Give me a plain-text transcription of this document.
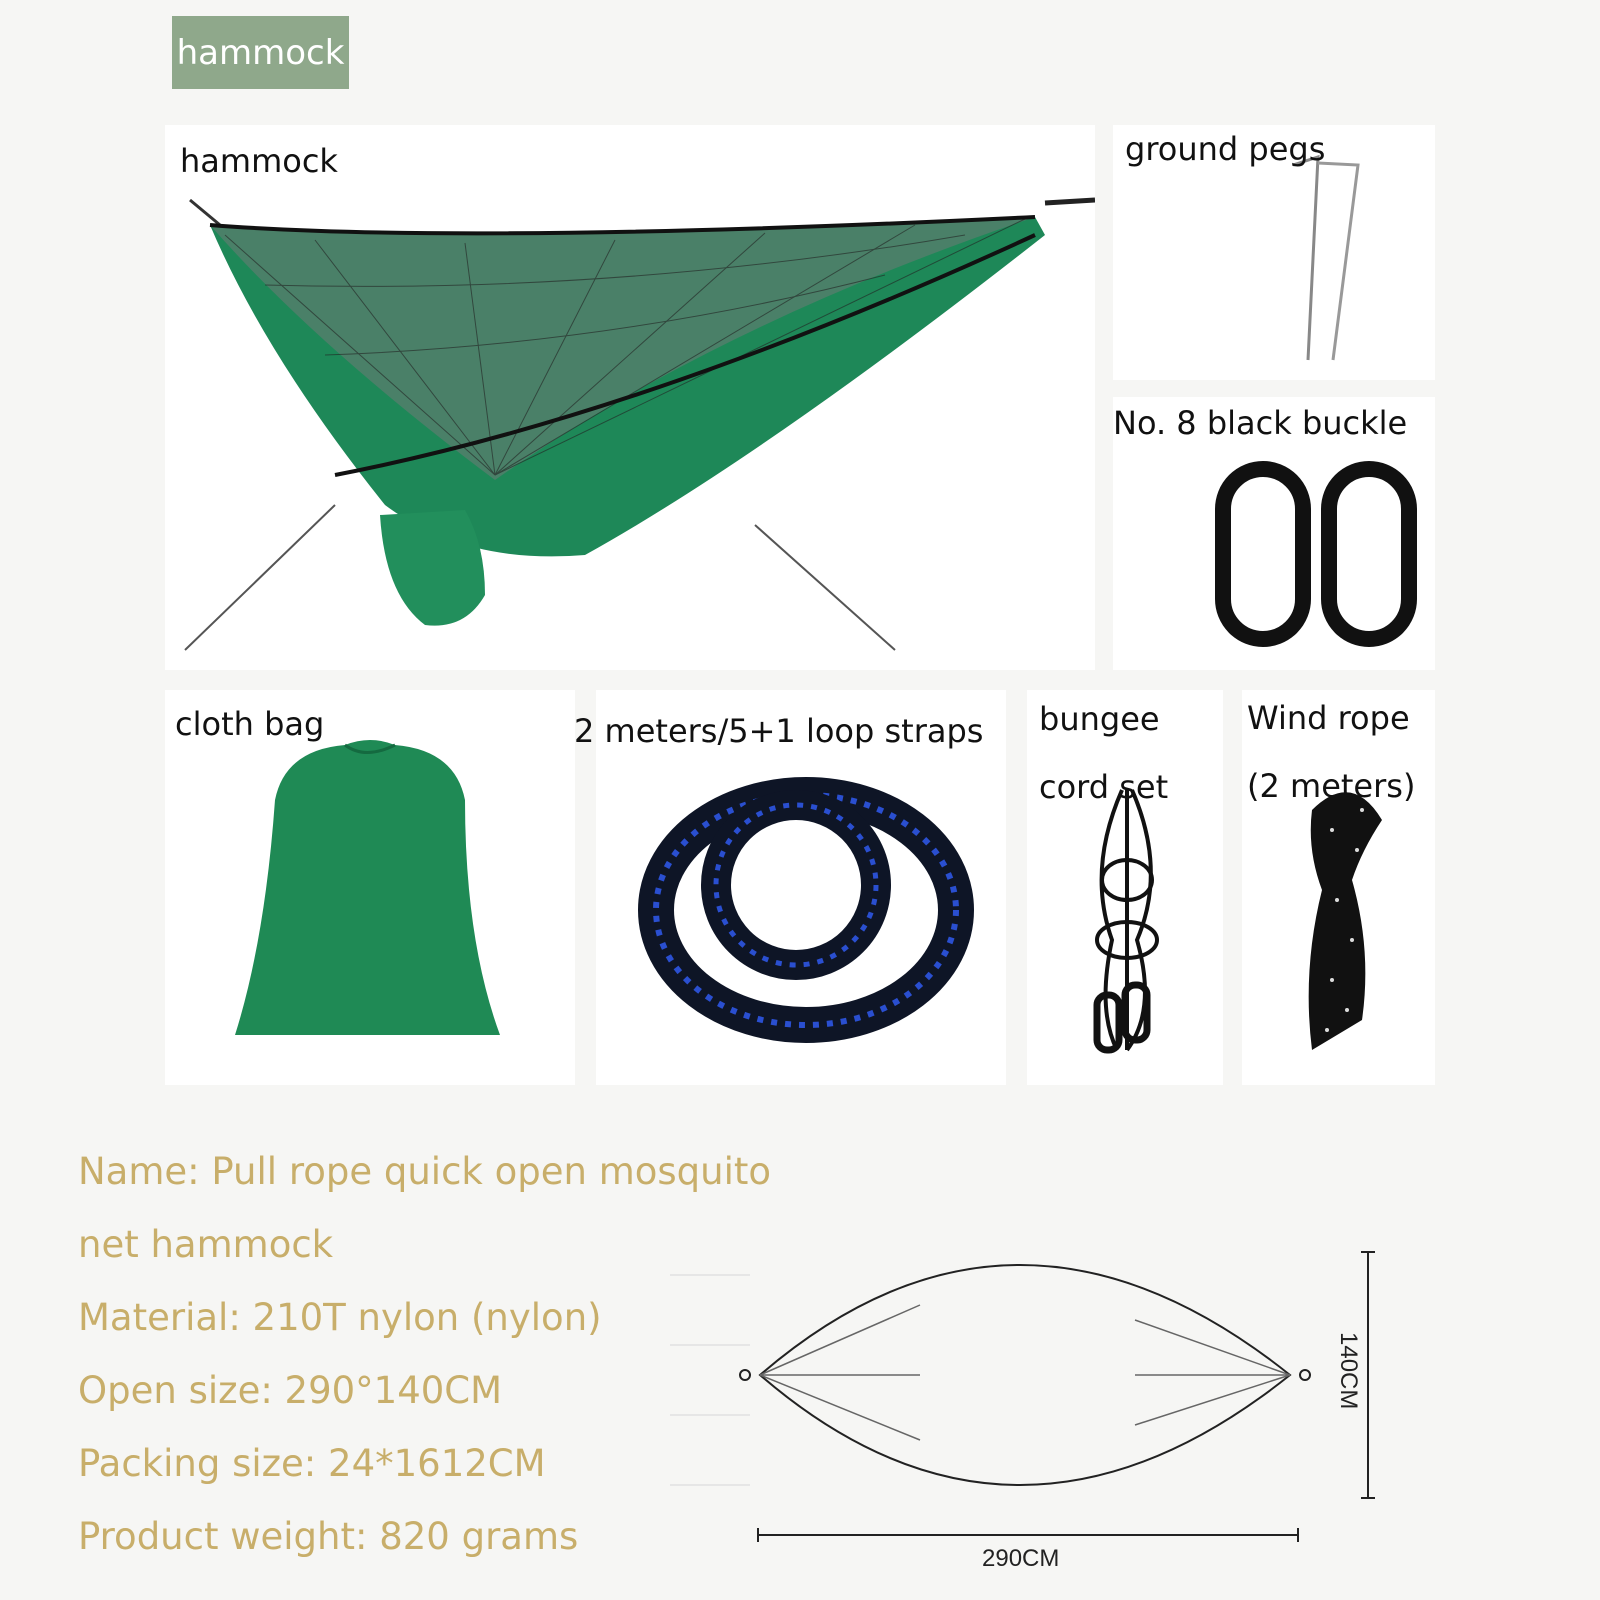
hammock
hammock	ground pegs
No. 8 black buckle
cloth bag	2 meters/5+1 loop straps bungee cord set
Wind rope (2 meters)
Name: Pull rope quick open mosquito
net hammock
Material: 210T nylon (nylon)
Open size: 290°140CM
Packing size: 24*1612CM
Product weight: 820 grams
290CM
140CM
